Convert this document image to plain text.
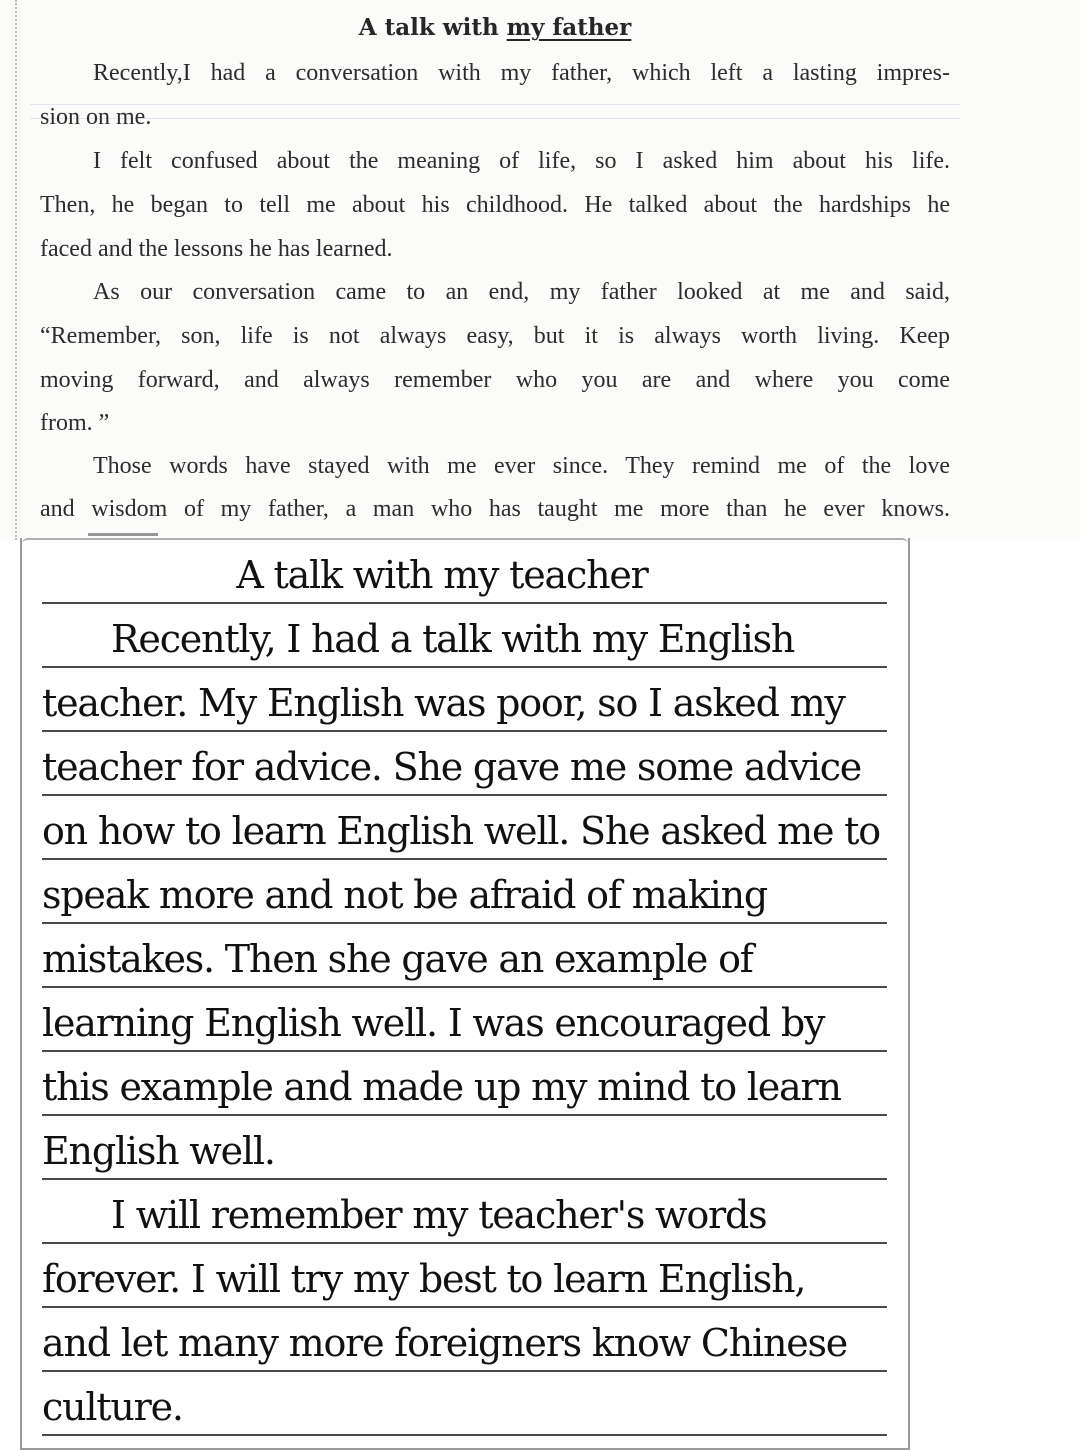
A talk with my father
Recently,I had a conversation with my father, which left a lasting impres-
sion on me.
I felt confused about the meaning of life, so I asked him about his life.
Then, he began to tell me about his childhood. He talked about the hardships he
faced and the lessons he has learned.
As our conversation came to an end, my father looked at me and said,
“Remember, son, life is not always easy, but it is always worth living. Keep
moving forward, and always remember who you are and where you come
from. ”
Those words have stayed with me ever since. They remind me of the love
and wisdom of my father, a man who has taught me more than he ever knows.
A talk with my teacher
Recently, I had a talk with my English
teacher. My English was poor, so I asked my
teacher for advice. She gave me some advice
on how to learn English well. She asked me to
speak more and not be afraid of making
mistakes. Then she gave an example of
learning English well. I was encouraged by
this example and made up my mind to learn
English well.
I will remember my teacher's words
forever. I will try my best to learn English,
and let many more foreigners know Chinese
culture.
